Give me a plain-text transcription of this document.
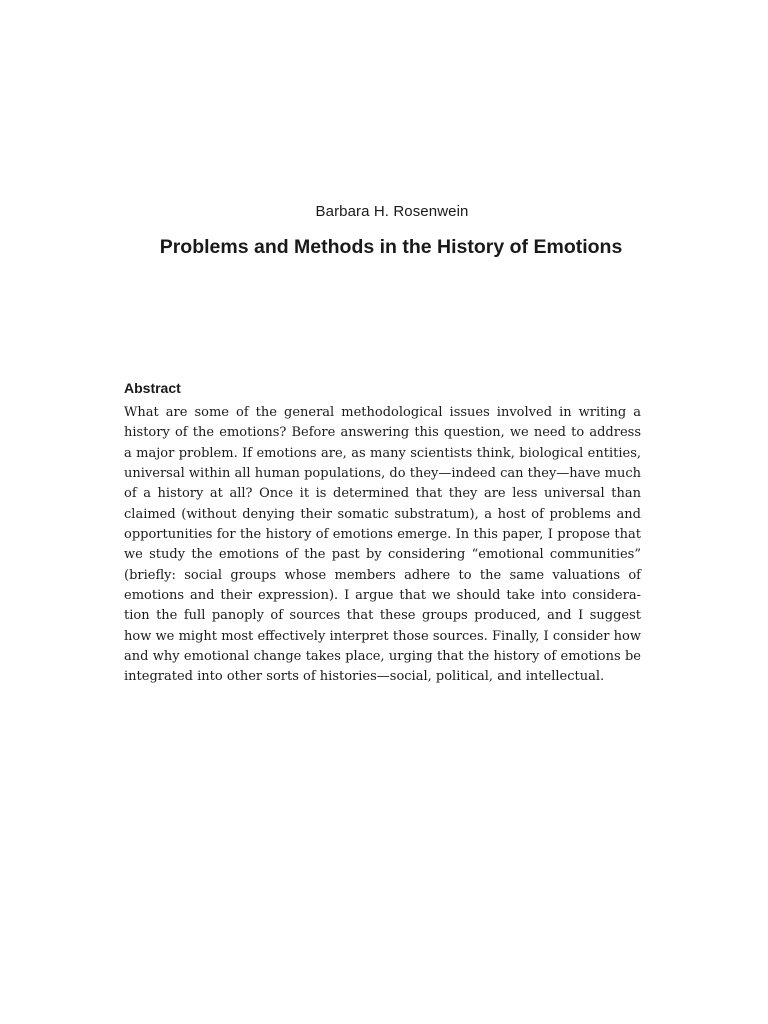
Barbara H. Rosenwein

Problems and Methods in the History of Emotions
Abstract

What are some of the general methodological issues involved in writing a history of the emotions? Before answering this question, we need to address a major problem. If emotions are, as many scientists think, biological entities, universal within all human populations, do they—indeed can they—have much of a history at all? Once it is determined that they are less universal than claimed (without denying their somatic substratum), a host of problems and opportunities for the history of emotions emerge. In this paper, I propose that we study the emotions of the past by considering “emotional communities” (briefly: social groups whose members adhere to the same valuations of emotions and their expression). I argue that we should take into consideration the full panoply of sources that these groups produced, and I suggest how we might most effectively interpret those sources. Finally, I consider how and why emotional change takes place, urging that the history of emotions be integrated into other sorts of histories—social, political, and intellectual.
